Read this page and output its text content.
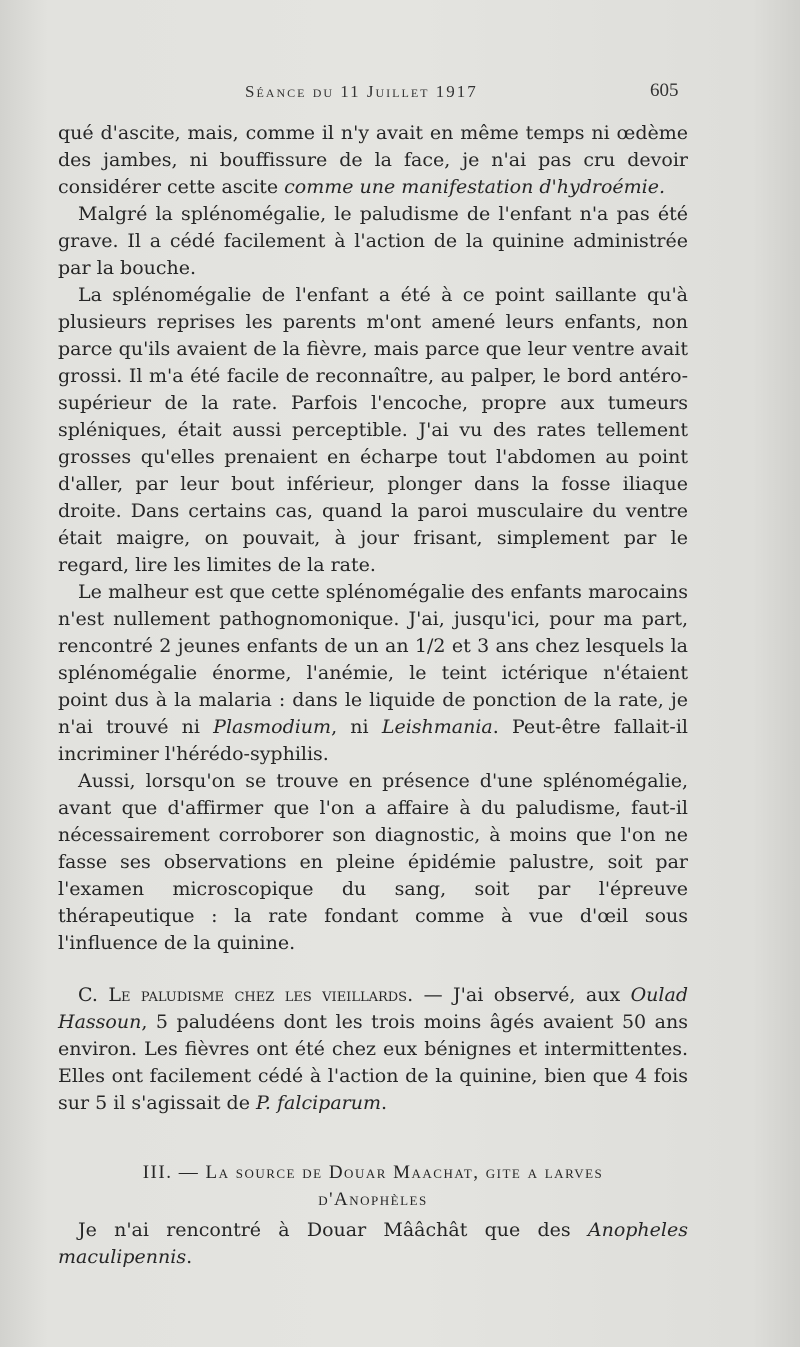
Séance du 11 Juillet 1917	605

qué d'ascite, mais, comme il n'y avait en même temps ni œdème des jambes, ni bouffissure de la face, je n'ai pas cru devoir considérer cette ascite comme une manifestation d'hydroémie.

Malgré la splénomégalie, le paludisme de l'enfant n'a pas été grave. Il a cédé facilement à l'action de la quinine administrée par la bouche.

La splénomégalie de l'enfant a été à ce point saillante qu'à plusieurs reprises les parents m'ont amené leurs enfants, non parce qu'ils avaient de la fièvre, mais parce que leur ventre avait grossi. Il m'a été facile de reconnaître, au palper, le bord antéro-supérieur de la rate. Parfois l'encoche, propre aux tumeurs spléniques, était aussi perceptible. J'ai vu des rates tellement grosses qu'elles prenaient en écharpe tout l'abdomen au point d'aller, par leur bout inférieur, plonger dans la fosse iliaque droite. Dans certains cas, quand la paroi musculaire du ventre était maigre, on pouvait, à jour frisant, simplement par le regard, lire les limites de la rate.

Le malheur est que cette splénomégalie des enfants marocains n'est nullement pathognomonique. J'ai, jusqu'ici, pour ma part, rencontré 2 jeunes enfants de un an 1/2 et 3 ans chez lesquels la splénomégalie énorme, l'anémie, le teint ictérique n'étaient point dus à la malaria : dans le liquide de ponction de la rate, je n'ai trouvé ni Plasmodium, ni Leishmania. Peut-être fallait-il incriminer l'hérédo-syphilis.

Aussi, lorsqu'on se trouve en présence d'une splénomégalie, avant que d'affirmer que l'on a affaire à du paludisme, faut-il nécessairement corroborer son diagnostic, à moins que l'on ne fasse ses observations en pleine épidémie palustre, soit par l'examen microscopique du sang, soit par l'épreuve thérapeutique : la rate fondant comme à vue d'œil sous l'influence de la quinine.

C. Le paludisme chez les vieillards. — J'ai observé, aux Oulad Hassoun, 5 paludéens dont les trois moins âgés avaient 50 ans environ. Les fièvres ont été chez eux bénignes et intermittentes. Elles ont facilement cédé à l'action de la quinine, bien que 4 fois sur 5 il s'agissait de P. falciparum.

III. — La source de Douar Maachat, gite a larves
d'Anophèles

Je n'ai rencontré à Douar Mââchât que des Anopheles maculipennis.
